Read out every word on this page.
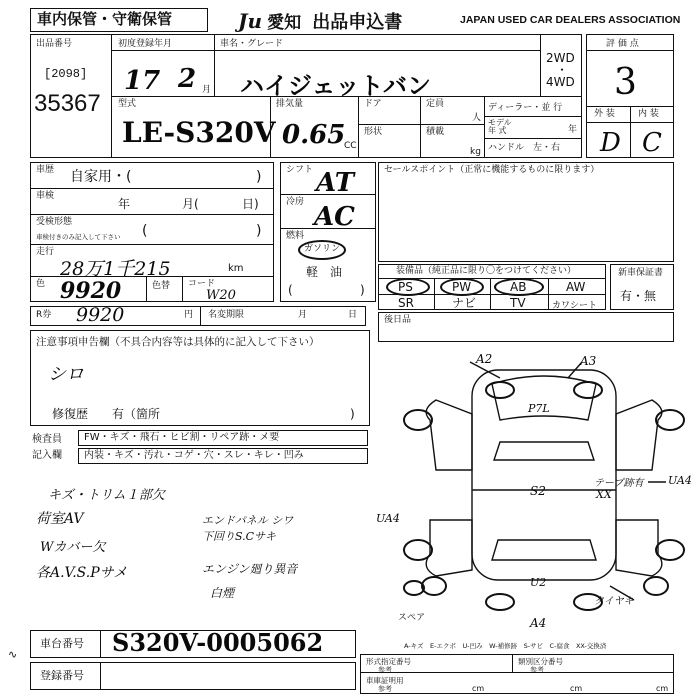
車内保管・守衛保管	Ju 愛知 出品申込書	JAPAN USED CAR DEALERS ASSOCIATION
出品番号
[2098]
35367
初度登録年月
17 2 月
車名・グレード
ハイジェットバン
2WD
・
4WD
評 価 点
3
外 装	内 装
D C
型式
LE-S320V
排気量
0.65
CC
ドア	定員
人
形状	積載
kg
ディーラー・並 行
モデル
年 式	年
ハンドル　左・右
車歴 自家用・(	)
車検
年	月(	日)
受検形態
車検付きのみ記入して下さい (	)
走行
28万1千215	km
色 9920	色替 コード
W20
シフト AT
冷房 AC
燃料
ガソリン
軽　油
(	)
セールスポイント（正常に機能するものに限ります）
装備品（純正品に限り〇をつけてください）
PS	PW	AB	AW
SR	ナビ	TV	カワシート
新車保証書
有・無
R券 9920	円 名変期限	月	日	後日品
注意事項申告欄（不具合内容等は具体的に記入して下さい）
シロ
修復歴　　有（箇所	)
検査員
記入欄
FW・キズ・飛石・ヒビ割・リペア跡・メ要
内装・キズ・汚れ・コゲ・穴・スレ・キレ・凹み
キズ・トリム１部欠
荷室AV
Wカバー欠
各A.V.S.Pサメ
エンドパネル シワ
下回りS.Cサキ
エンジン廻り異音
白煙
A2	A3
P7L
S2
テープ跡有
XX
UA4
UA4
U2
A4
スペア
タイヤキ
A-キズ　E-エクボ　U-凹み　W-補修跡　S-サビ　C-腐食　XX-交換済
∿
車台番号 S320V-0005062
登録番号
形式指定番号
参考
類別区分番号
参考
車庫証明用
参考	cm	cm	cm
